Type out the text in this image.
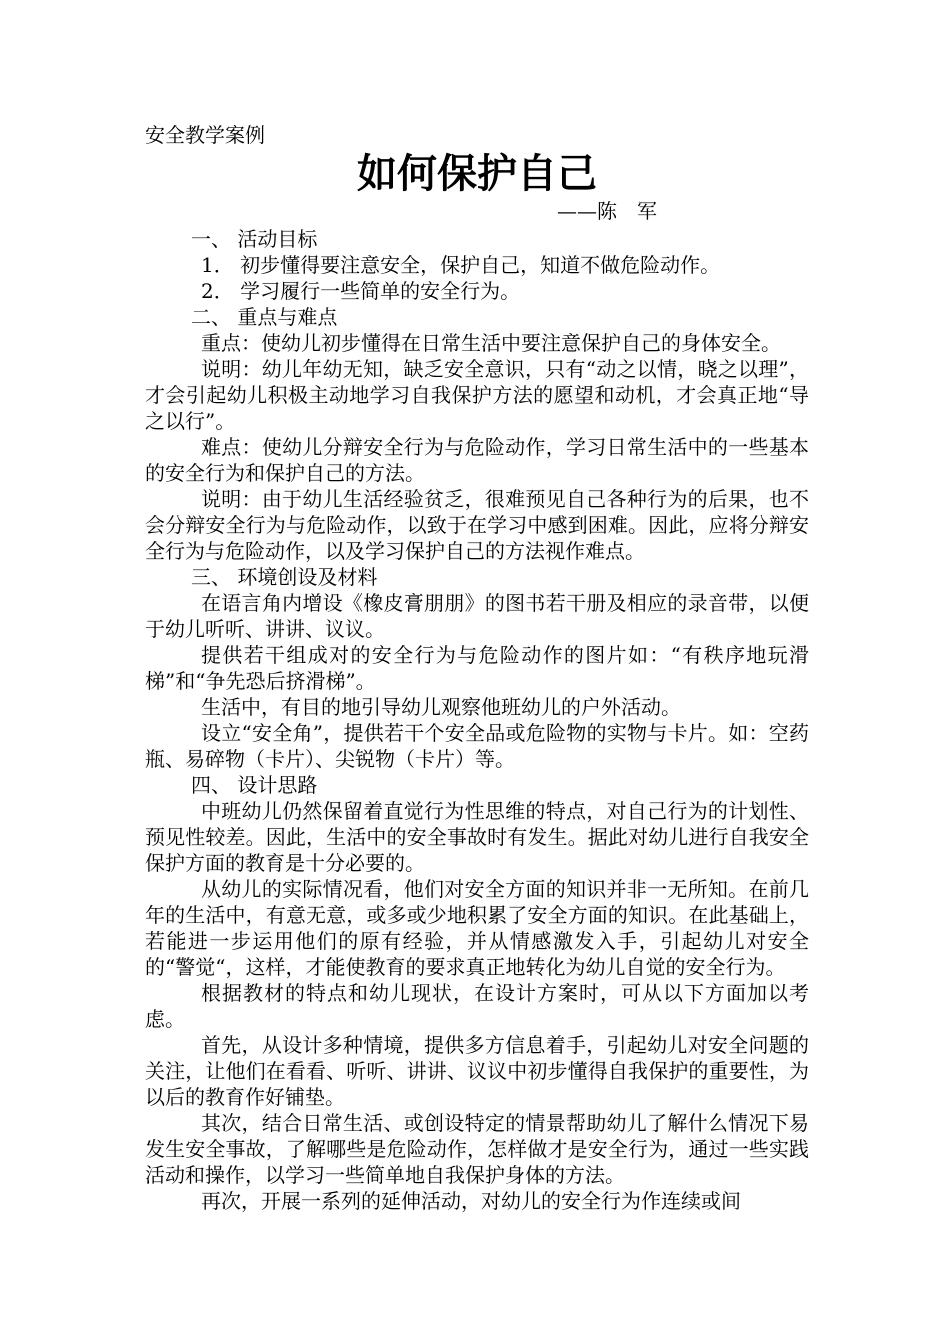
安全教学案例

如何保护自己

——陈　军

一、 活动目标

1． 初步懂得要注意安全，保护自己，知道不做危险动作。

2． 学习履行一些简单的安全行为。

二、 重点与难点

重点：使幼儿初步懂得在日常生活中要注意保护自己的身体安全。

说明：幼儿年幼无知，缺乏安全意识，只有“动之以情，晓之以理”，才会引起幼儿积极主动地学习自我保护方法的愿望和动机，才会真正地“导之以行”。

难点：使幼儿分辩安全行为与危险动作，学习日常生活中的一些基本的安全行为和保护自己的方法。

说明：由于幼儿生活经验贫乏，很难预见自己各种行为的后果，也不会分辩安全行为与危险动作，以致于在学习中感到困难。因此，应将分辩安全行为与危险动作，以及学习保护自己的方法视作难点。

三、 环境创设及材料

在语言角内增设《橡皮膏朋朋》的图书若干册及相应的录音带，以便于幼儿听听、讲讲、议议。

提供若干组成对的安全行为与危险动作的图片如：“有秩序地玩滑梯”和“争先恐后挤滑梯”。

生活中，有目的地引导幼儿观察他班幼儿的户外活动。

设立“安全角”，提供若干个安全品或危险物的实物与卡片。如：空药瓶、易碎物（卡片）、尖锐物（卡片）等。

四、 设计思路

中班幼儿仍然保留着直觉行为性思维的特点，对自己行为的计划性、预见性较差。因此，生活中的安全事故时有发生。据此对幼儿进行自我安全保护方面的教育是十分必要的。

从幼儿的实际情况看，他们对安全方面的知识并非一无所知。在前几年的生活中，有意无意，或多或少地积累了安全方面的知识。在此基础上，若能进一步运用他们的原有经验，并从情感激发入手，引起幼儿对安全的“警觉“，这样，才能使教育的要求真正地转化为幼儿自觉的安全行为。

根据教材的特点和幼儿现状，在设计方案时，可从以下方面加以考虑。

首先，从设计多种情境，提供多方信息着手，引起幼儿对安全问题的关注，让他们在看看、听听、讲讲、议议中初步懂得自我保护的重要性，为以后的教育作好铺垫。

其次，结合日常生活、或创设特定的情景帮助幼儿了解什么情况下易发生安全事故，了解哪些是危险动作，怎样做才是安全行为，通过一些实践活动和操作，以学习一些简单地自我保护身体的方法。

再次，开展一系列的延伸活动，对幼儿的安全行为作连续或间
